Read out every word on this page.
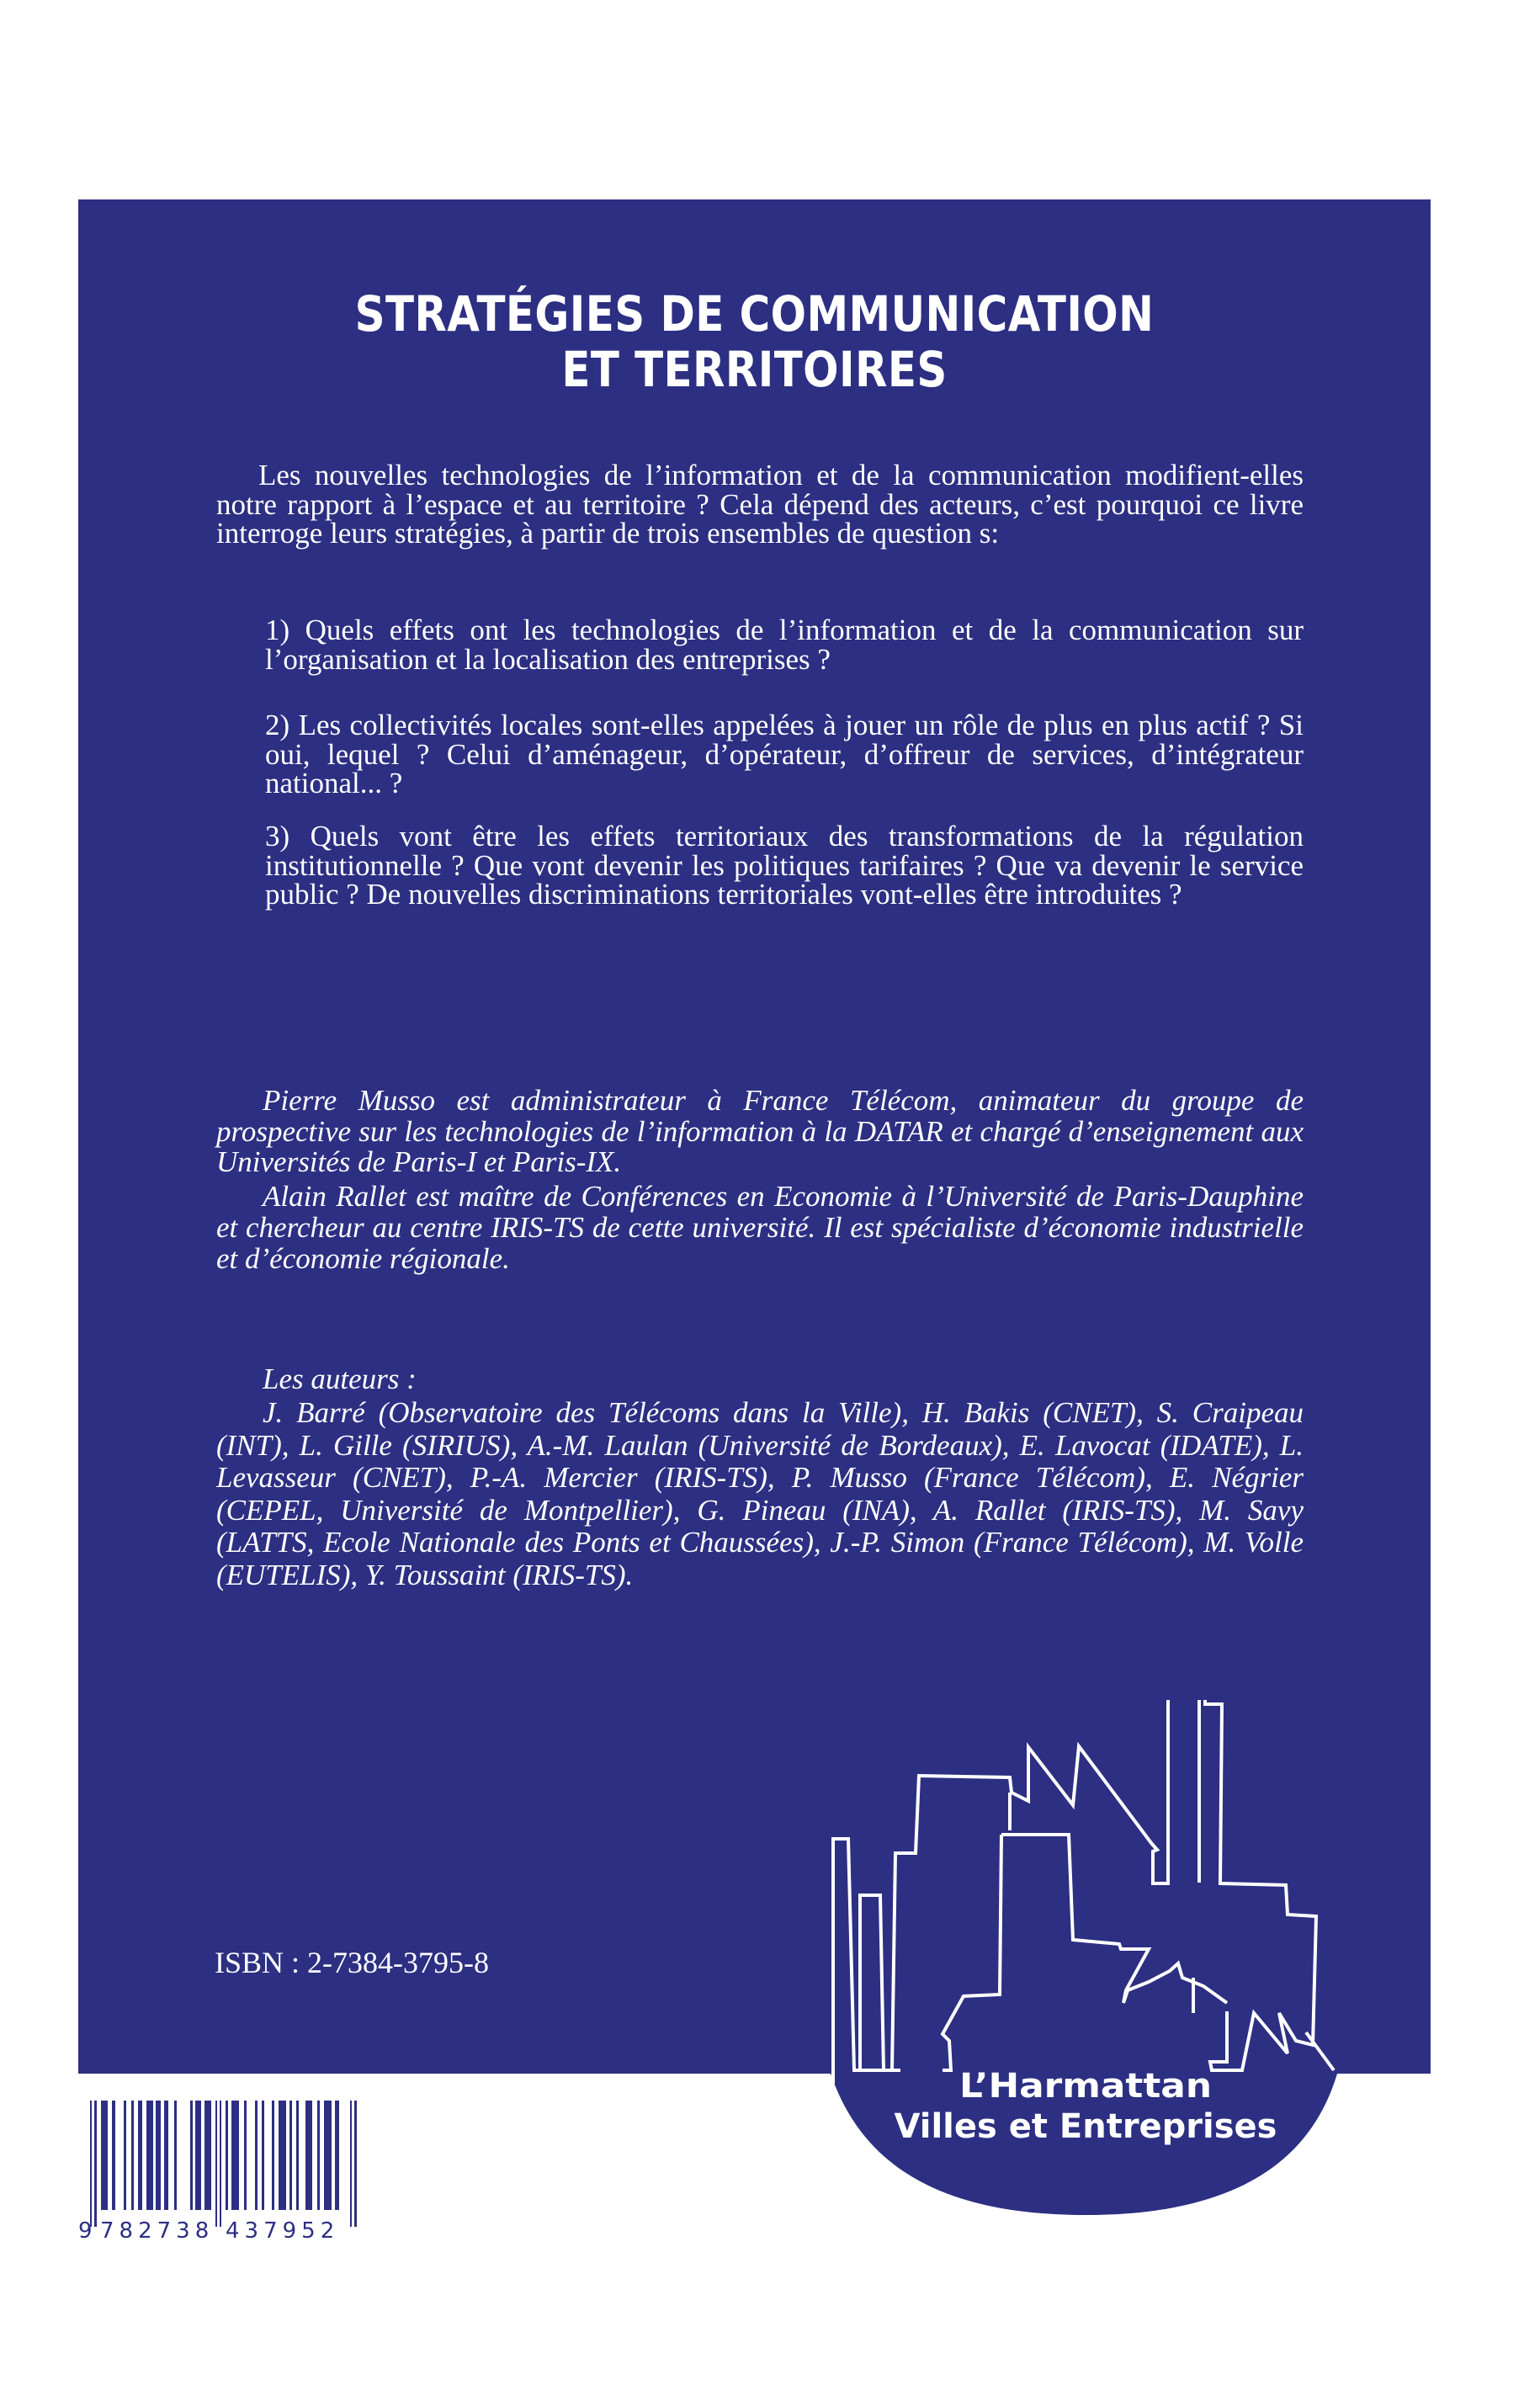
STRATÉGIES DE COMMUNICATION
ET TERRITOIRES

Les nouvelles technologies de l’information et de la communication modifient-elles notre rapport à l’espace et au territoire ? Cela dépend des acteurs, c’est pourquoi ce livre interroge leurs stratégies, à partir de trois ensembles de question s:

1) Quels effets ont les technologies de l’information et de la communication sur l’organisation et la localisation des entreprises ?

2) Les collectivités locales sont-elles appelées à jouer un rôle de plus en plus actif ? Si oui, lequel ? Celui d’aménageur, d’opérateur, d’offreur de services, d’intégrateur national... ?

3) Quels vont être les effets territoriaux des transformations de la régulation institutionnelle ? Que vont devenir les politiques tarifaires ? Que va devenir le service public ? De nouvelles discriminations territoriales vont-elles être introduites ?

Pierre Musso est administrateur à France Télécom, animateur du groupe de prospective sur les technologies de l’information à la DATAR et chargé d’enseignement aux Universités de Paris-I et Paris-IX.

Alain Rallet est maître de Conférences en Economie à l’Université de Paris-Dauphine et chercheur au centre IRIS-TS de cette université. Il est spécialiste d’économie industrielle et d’économie régionale.

Les auteurs :

J. Barré (Observatoire des Télécoms dans la Ville), H. Bakis (CNET), S. Craipeau (INT), L. Gille (SIRIUS), A.-M. Laulan (Université de Bordeaux), E. Lavocat (IDATE), L. Levasseur (CNET), P.-A. Mercier (IRIS-TS), P. Musso (France Télécom), E. Négrier (CEPEL, Université de Montpellier), G. Pineau (INA), A. Rallet (IRIS-TS), M. Savy (LATTS, Ecole Nationale des Ponts et Chaussées), J.-P. Simon (France Télécom), M. Volle (EUTELIS), Y. Toussaint (IRIS-TS).

ISBN : 2-7384-3795-8
9 782738 437952
L’Harmattan
Villes et Entreprises
